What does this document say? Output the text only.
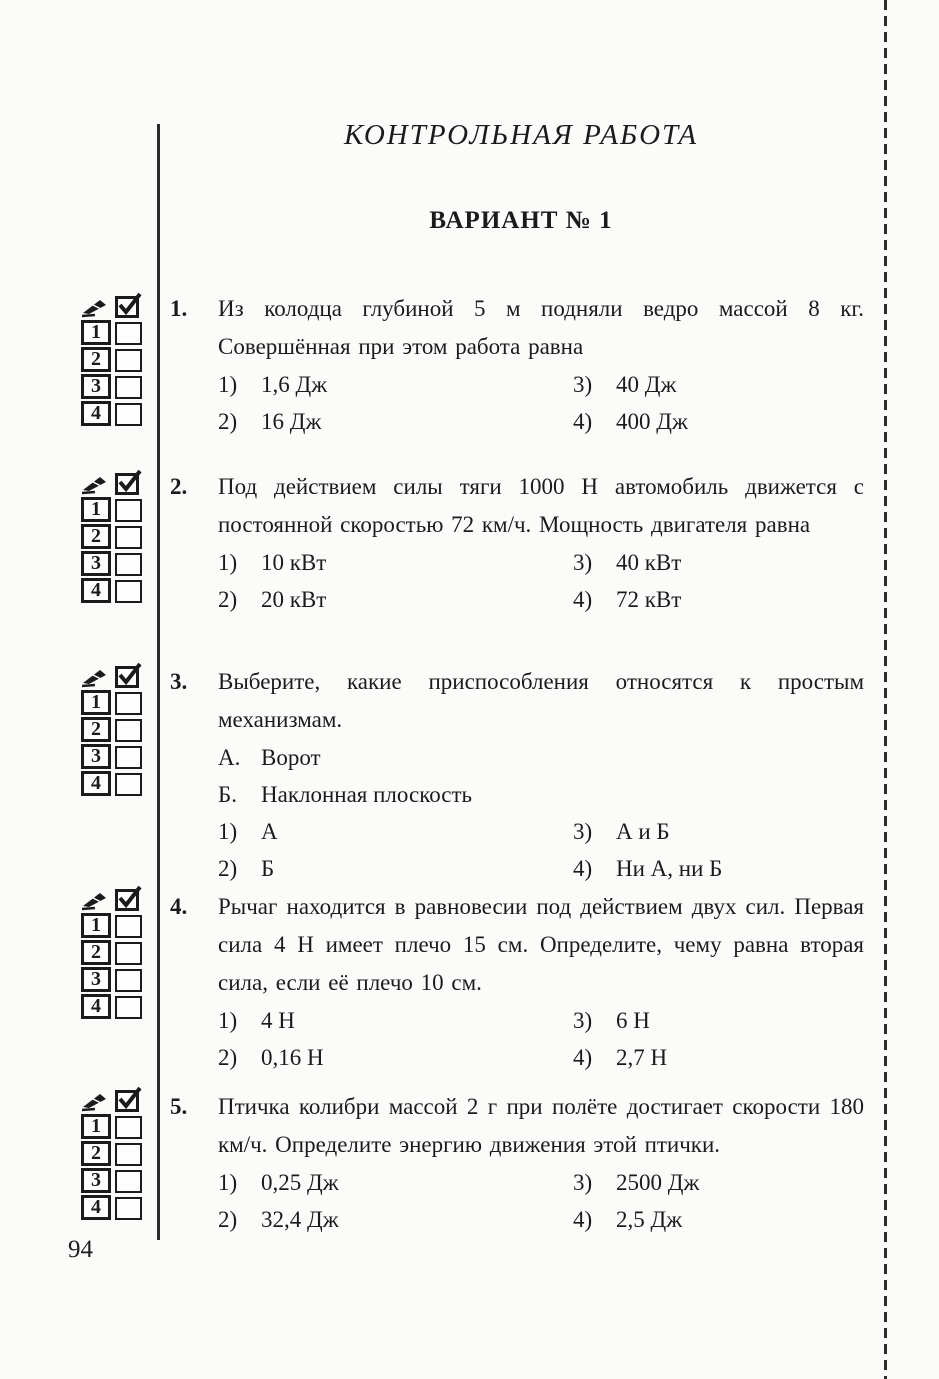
КОНТРОЛЬНАЯ РАБОТА
ВАРИАНТ № 1
1
2
3
4
1
2
3
4
1
2
3
4
1
2
3
4
1
2
3
4
1.	Из колодца глубиной 5 м подняли ведро массой 8 кг. Совершённая при этом работа равна
1)	1,6 Дж	3)	40 Дж
2)	16 Дж	4)	400 Дж
2.	Под действием силы тяги 1000 Н автомобиль движется с постоянной скоростью 72 км/ч. Мощность двигателя равна
1)	10 кВт	3)	40 кВт
2)	20 кВт	4)	72 кВт
3.	Выберите, какие приспособления относятся к простым механизмам.
А. Ворот
Б.	Наклонная плоскость
1)	А	3)	А и Б
2)	Б	4)	Ни А, ни Б
4.	Рычаг находится в равновесии под действием двух сил. Первая сила 4 Н имеет плечо 15 см. Определите, чему равна вторая сила, если её плечо 10 см.
1)	4 Н	3)	6 Н
2)	0,16 Н	4)	2,7 Н
5.	Птичка колибри массой 2 г при полёте достигает скорости 180 км/ч. Определите энергию движения этой птички.
1)	0,25 Дж	3)	2500 Дж
2)	32,4 Дж	4)	2,5 Дж
94
